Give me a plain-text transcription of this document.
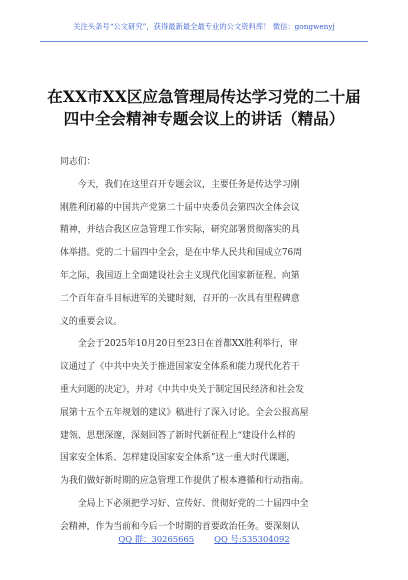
关注头条号“公文研究”，获得最新最全最专业的公文资料库！ 微信：gongwenyj
在XX市XX区应急管理局传达学习党的二十届
四中全会精神专题会议上的讲话（精品）
同志们：
　　今天，我们在这里召开专题会议，主要任务是传达学习刚
刚胜利闭幕的中国共产党第二十届中央委员会第四次全体会议
精神，并结合我区应急管理工作实际，研究部署贯彻落实的具
体举措。党的二十届四中全会，是在中华人民共和国成立76周
年之际，我国迈上全面建设社会主义现代化国家新征程、向第
二个百年奋斗目标进军的关键时刻，召开的一次具有里程碑意
义的重要会议。
　　全会于2025年10月20日至23日在首都XX胜利举行，审
议通过了《中共中央关于推进国家安全体系和能力现代化若干
重大问题的决定》，并对《中共中央关于制定国民经济和社会发
展第十五个五年规划的建议》稿进行了深入讨论。全会公报高屋
建瓴、思想深邃，深刻回答了新时代新征程上“建设什么样的
国家安全体系、怎样建设国家安全体系”这一重大时代课题，
为我们做好新时期的应急管理工作提供了根本遵循和行动指南。
　　全局上下必须把学习好、宣传好、贯彻好党的二十届四中全
会精神，作为当前和今后一个时期的首要政治任务。要深刻认
QQ 群：30265665 QQ 号:535304092
